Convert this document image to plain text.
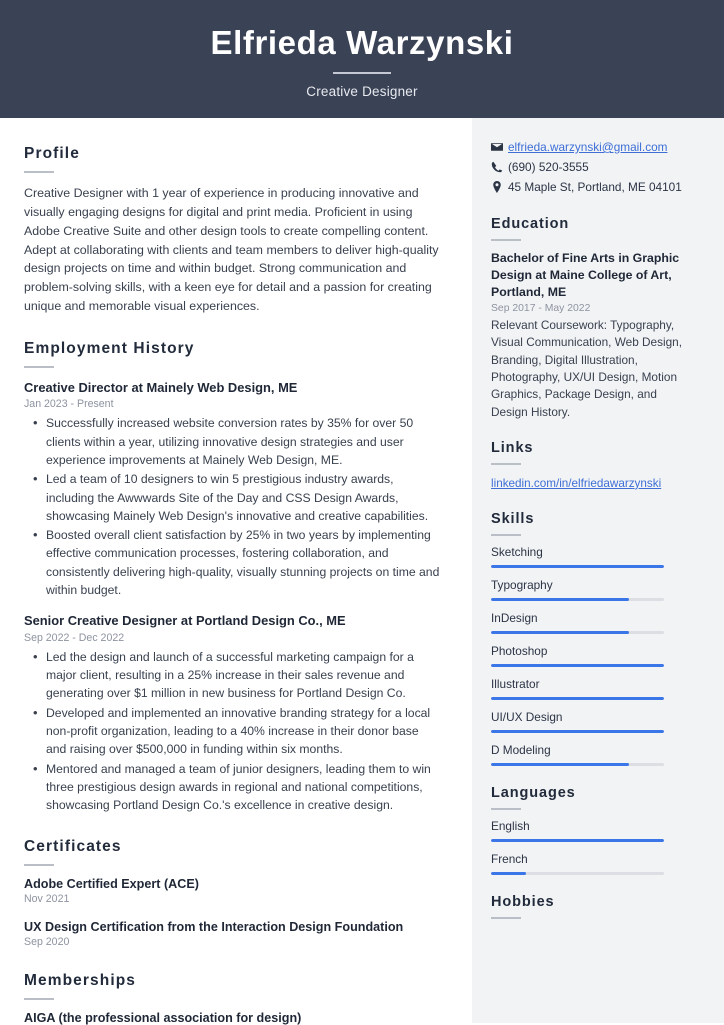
Elfrieda Warzynski
Creative Designer
Profile
Creative Designer with 1 year of experience in producing innovative and visually engaging designs for digital and print media. Proficient in using Adobe Creative Suite and other design tools to create compelling content. Adept at collaborating with clients and team members to deliver high-quality design projects on time and within budget. Strong communication and problem-solving skills, with a keen eye for detail and a passion for creating unique and memorable visual experiences.
Employment History
Creative Director at Mainely Web Design, ME
Jan 2023 - Present
• Successfully increased website conversion rates by 35% for over 50 clients within a year, utilizing innovative design strategies and user experience improvements at Mainely Web Design, ME.
• Led a team of 10 designers to win 5 prestigious industry awards, including the Awwwards Site of the Day and CSS Design Awards, showcasing Mainely Web Design's innovative and creative capabilities.
• Boosted overall client satisfaction by 25% in two years by implementing effective communication processes, fostering collaboration, and consistently delivering high-quality, visually stunning projects on time and within budget.
Senior Creative Designer at Portland Design Co., ME
Sep 2022 - Dec 2022
• Led the design and launch of a successful marketing campaign for a major client, resulting in a 25% increase in their sales revenue and generating over $1 million in new business for Portland Design Co.
• Developed and implemented an innovative branding strategy for a local non-profit organization, leading to a 40% increase in their donor base and raising over $500,000 in funding within six months.
• Mentored and managed a team of junior designers, leading them to win three prestigious design awards in regional and national competitions, showcasing Portland Design Co.'s excellence in creative design.
Certificates
Adobe Certified Expert (ACE)
Nov 2021
UX Design Certification from the Interaction Design Foundation
Sep 2020
Memberships
AIGA (the professional association for design)
elfrieda.warzynski@gmail.com
(690) 520-3555
45 Maple St, Portland, ME 04101
Education
Bachelor of Fine Arts in Graphic Design at Maine College of Art, Portland, ME
Sep 2017 - May 2022
Relevant Coursework: Typography, Visual Communication, Web Design, Branding, Digital Illustration, Photography, UX/UI Design, Motion Graphics, Package Design, and Design History.
Links
linkedin.com/in/elfriedawarzynski
Skills
Sketching
Typography
InDesign
Photoshop
Illustrator
UI/UX Design
D Modeling
Languages
English
French
Hobbies
